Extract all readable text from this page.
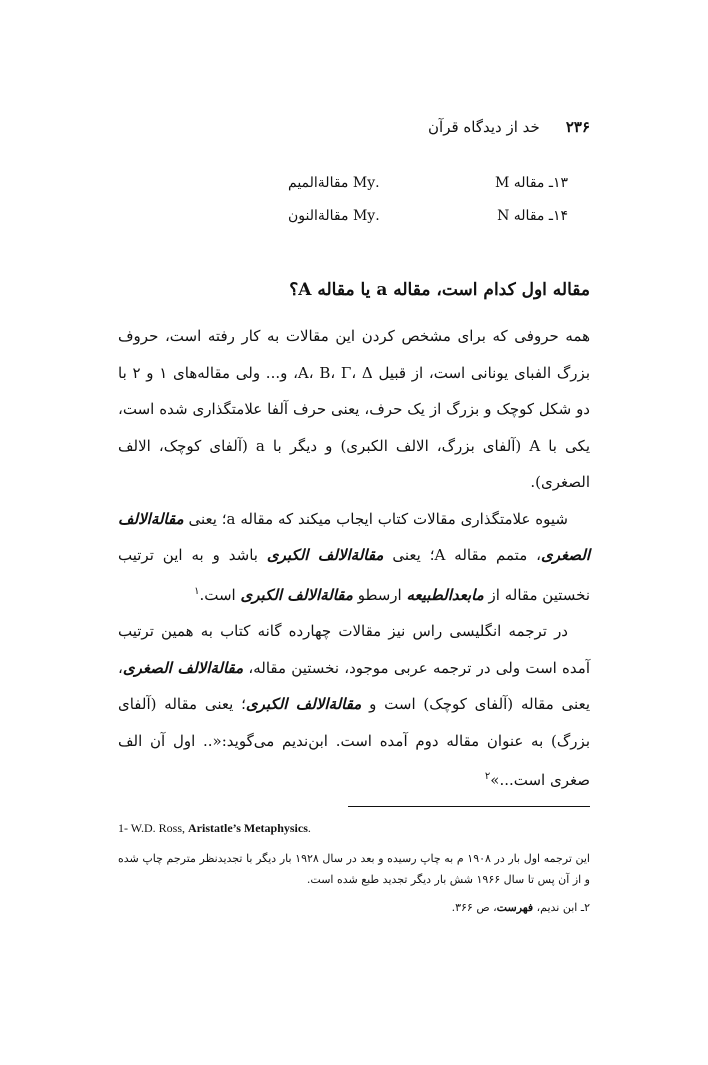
۲۳۶
خد از دیدگاه قرآن
۱۳ـ مقاله M
.My مقالةالمیم
۱۴ـ مقاله N
.My مقالةالنون
مقاله اول کدام است، مقاله a یا مقاله A؟

همه حروفی که برای مشخص کردن این مقالات به کار رفته است، حروف بزرگ الفبای یونانی است، از قبیل A، B، Γ، Δ، و... ولی مقاله‌های ۱ و ۲ با دو شکل کوچک و بزرگ از یک حرف، یعنی حرف آلفا علامتگذاری شده است، یکی با A (آلفای بزرگ، الالف الکبری) و دیگر با a (آلفای کوچک، الالف الصغری).

شیوه علامتگذاری مقالات کتاب ایجاب میکند که مقاله a؛ یعنی مقالةالالف الصغری، متمم مقاله A؛ یعنی مقالةالالف الکبری باشد و به این ترتیب نخستین مقاله از مابعدالطبیعه ارسطو مقالةالالف الکبری است.$^۱$

در ترجمه انگلیسی راس نیز مقالات چهارده گانه کتاب به همین ترتیب آمده است ولی در ترجمه عربی موجود، نخستین مقاله، مقالةالالف الصغری، یعنی مقاله (آلفای کوچک) است و مقالةالالف الکبری؛ یعنی مقاله (آلفای بزرگ) به عنوان مقاله دوم آمده است. ابن‌ندیم می‌گوید:«.. اول آن الف صغری است...»$^۲$

1- W.D. Ross, Aristatle’s Metaphysics.
این ترجمه اول بار در ۱۹۰۸ م به چاپ رسیده و بعد در سال ۱۹۲۸ بار دیگر با تجدیدنظر مترجم چاپ شده و از آن پس تا سال ۱۹۶۶ شش بار دیگر تجدید طبع شده است.
۲ـ ابن ندیم، فهرست، ص ۳۶۶.
